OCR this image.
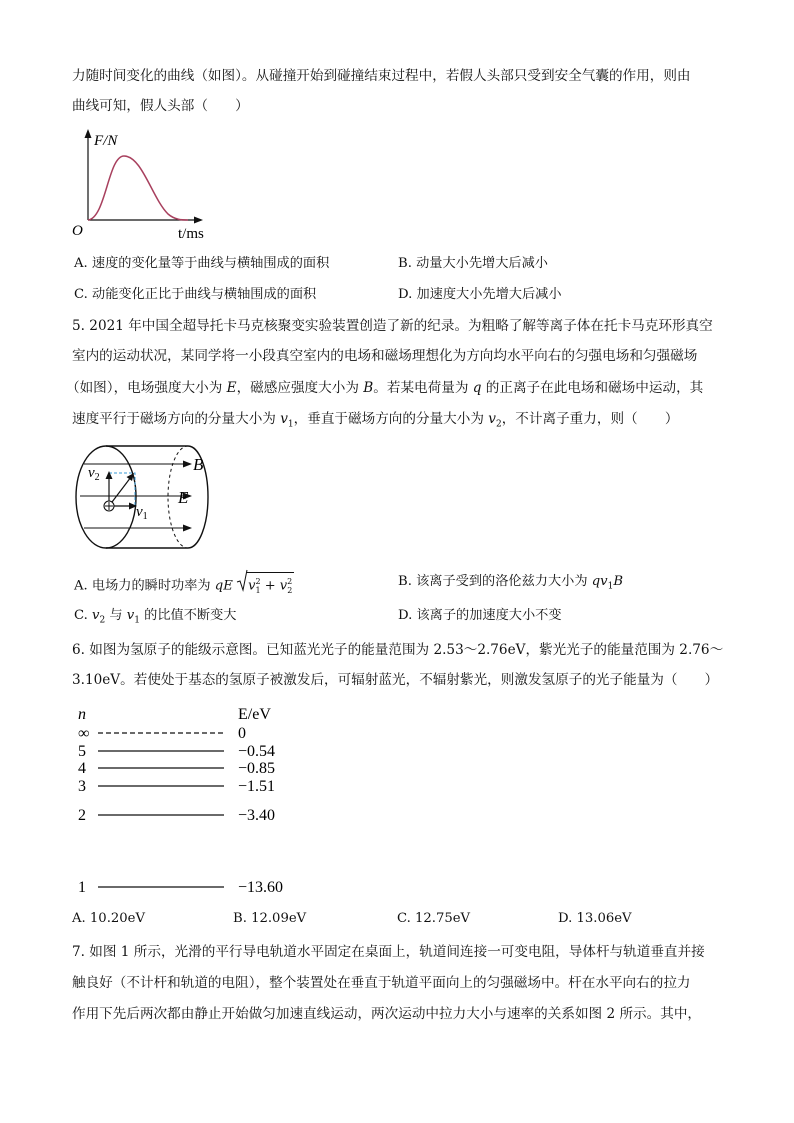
力随时间变化的曲线（如图）。从碰撞开始到碰撞结束过程中，若假人头部只受到安全气囊的作用，则由
曲线可知，假人头部（　　）
F/N
O	t/ms
A. 速度的变化量等于曲线与横轴围成的面积	B. 动量大小先增大后减小
C. 动能变化正比于曲线与横轴围成的面积	D. 加速度大小先增大后减小
5. 2021 年中国全超导托卡马克核聚变实验装置创造了新的纪录。为粗略了解等离子体在托卡马克环形真空
室内的运动状况，某同学将一小段真空室内的电场和磁场理想化为方向均水平向右的匀强电场和匀强磁场
（如图），电场强度大小为 E，磁感应强度大小为 B。若某电荷量为 q 的正离子在此电场和磁场中运动，其
速度平行于磁场方向的分量大小为 $v_1$，垂直于磁场方向的分量大小为 $v_2$，不计离子重力，则（　　）
B
E
$v_2$
$v_1$
A. 电场力的瞬时功率为 qE $v^2_1 + v^2_2$
B. 该离子受到的洛伦兹力大小为 $qv_1B$
C. $v_2$ 与 $v_1$ 的比值不断变大	D. 该离子的加速度大小不变
6. 如图为氢原子的能级示意图。已知蓝光光子的能量范围为 2.53～2.76eV，紫光光子的能量范围为 2.76～
3.10eV。若使处于基态的氢原子被激发后，可辐射蓝光，不辐射紫光，则激发氢原子的光子能量为（　　）
n	E/eV
∞	0
5	−0.54
4	−0.85
3	−1.51
2	−3.40
1	−13.60
A. 10.20eV	B. 12.09eV	C. 12.75eV	D. 13.06eV
7. 如图 1 所示，光滑的平行导电轨道水平固定在桌面上，轨道间连接一可变电阻，导体杆与轨道垂直并接
触良好（不计杆和轨道的电阻），整个装置处在垂直于轨道平面向上的匀强磁场中。杆在水平向右的拉力
作用下先后两次都由静止开始做匀加速直线运动，两次运动中拉力大小与速率的关系如图 2 所示。其中，
